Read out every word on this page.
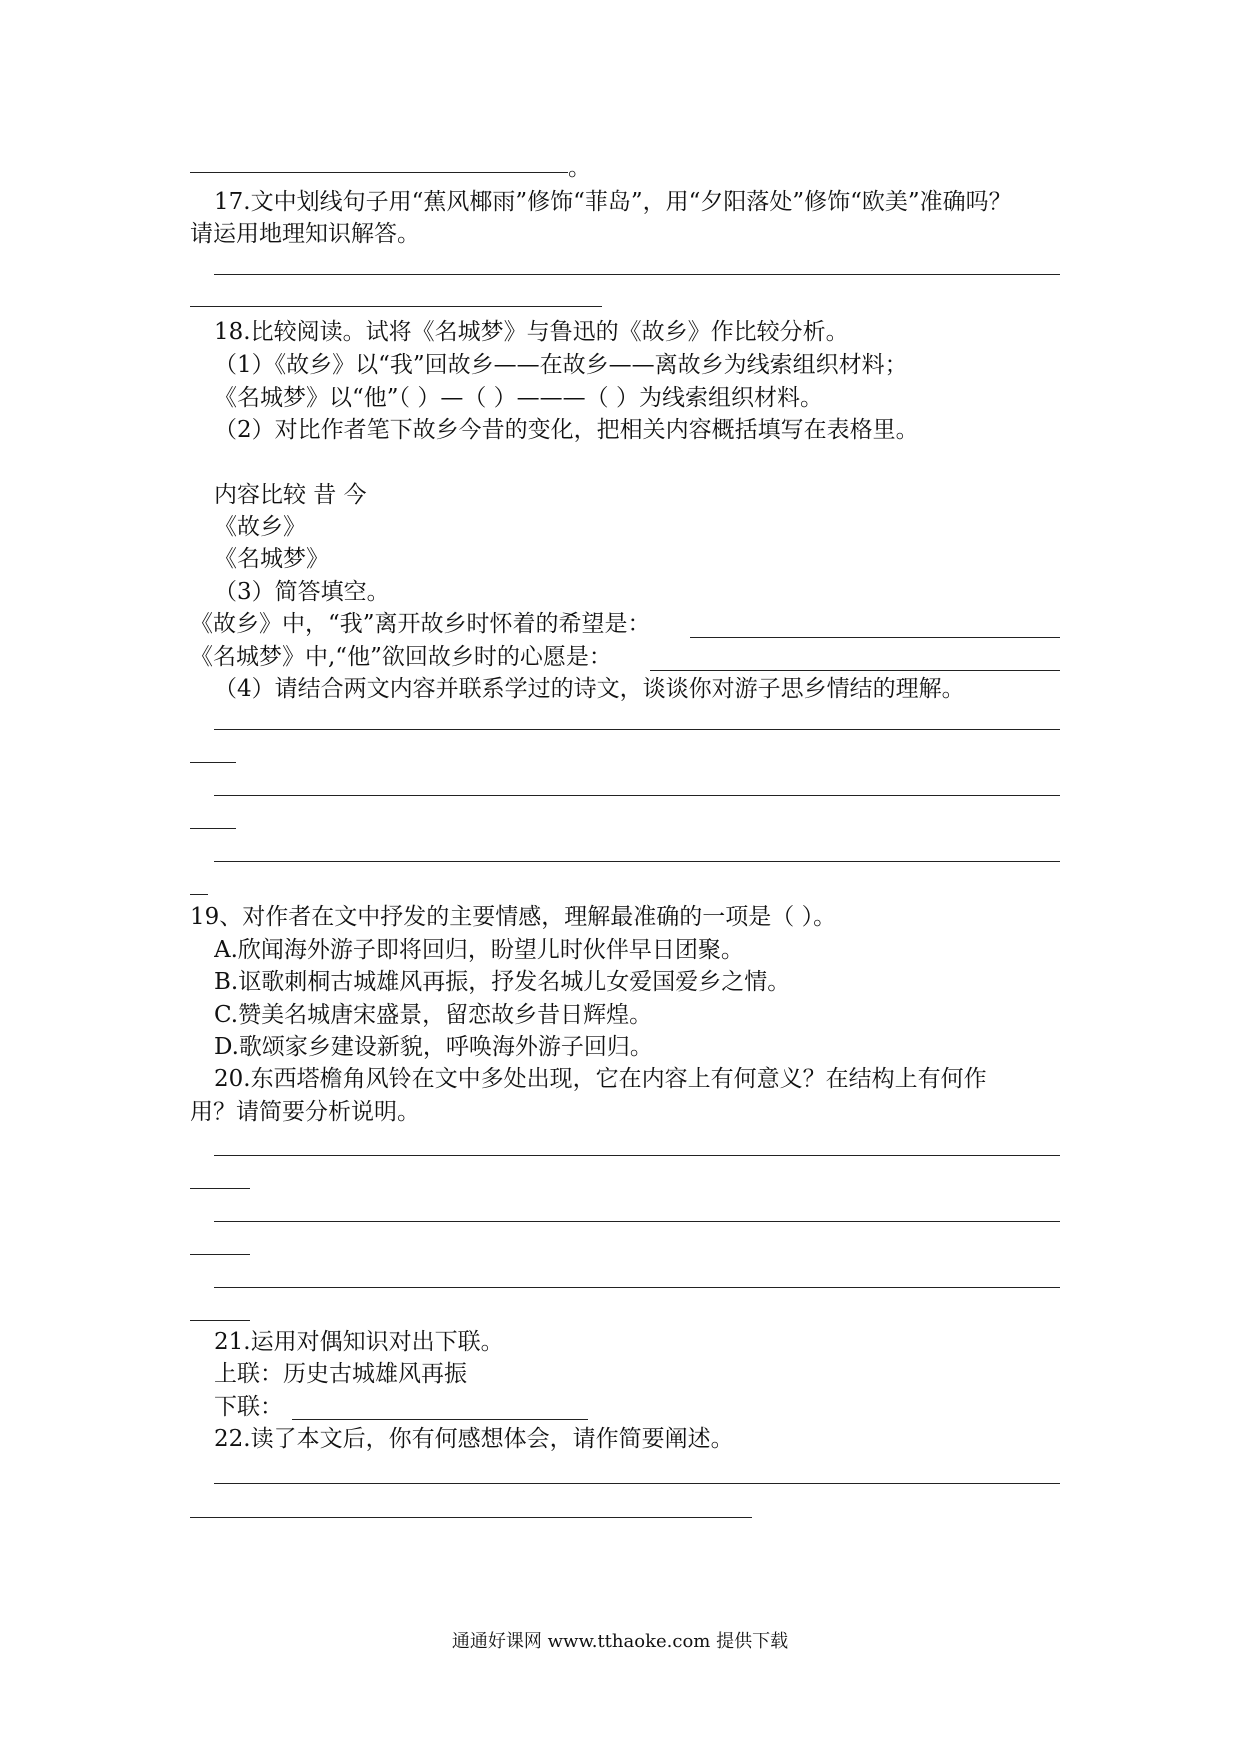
。
17.文中划线句子用“蕉风椰雨”修饰“菲岛”，用“夕阳落处”修饰“欧美”准确吗？
请运用地理知识解答。
18.比较阅读。试将《名城梦》与鲁迅的《故乡》作比较分析。
（1）《故乡》以“我”回故乡——在故乡——离故乡为线索组织材料；
《名城梦》以“他”（ ）—（ ）———（ ）为线索组织材料。
（2）对比作者笔下故乡今昔的变化，把相关内容概括填写在表格里。
内容比较 昔 今
《故乡》
《名城梦》
（3）简答填空。
《故乡》中，“我”离开故乡时怀着的希望是：
《名城梦》中,“他”欲回故乡时的心愿是：
（4）请结合两文内容并联系学过的诗文，谈谈你对游子思乡情结的理解。
19、对作者在文中抒发的主要情感，理解最准确的一项是（ ）。
A.欣闻海外游子即将回归，盼望儿时伙伴早日团聚。
B.讴歌刺桐古城雄风再振，抒发名城儿女爱国爱乡之情。
C.赞美名城唐宋盛景，留恋故乡昔日辉煌。
D.歌颂家乡建设新貌，呼唤海外游子回归。
20.东西塔檐角风铃在文中多处出现，它在内容上有何意义？在结构上有何作
用？请简要分析说明。
21.运用对偶知识对出下联。
上联：历史古城雄风再振
下联：
22.读了本文后，你有何感想体会，请作简要阐述。
通通好课网 www.tthaoke.com 提供下载
